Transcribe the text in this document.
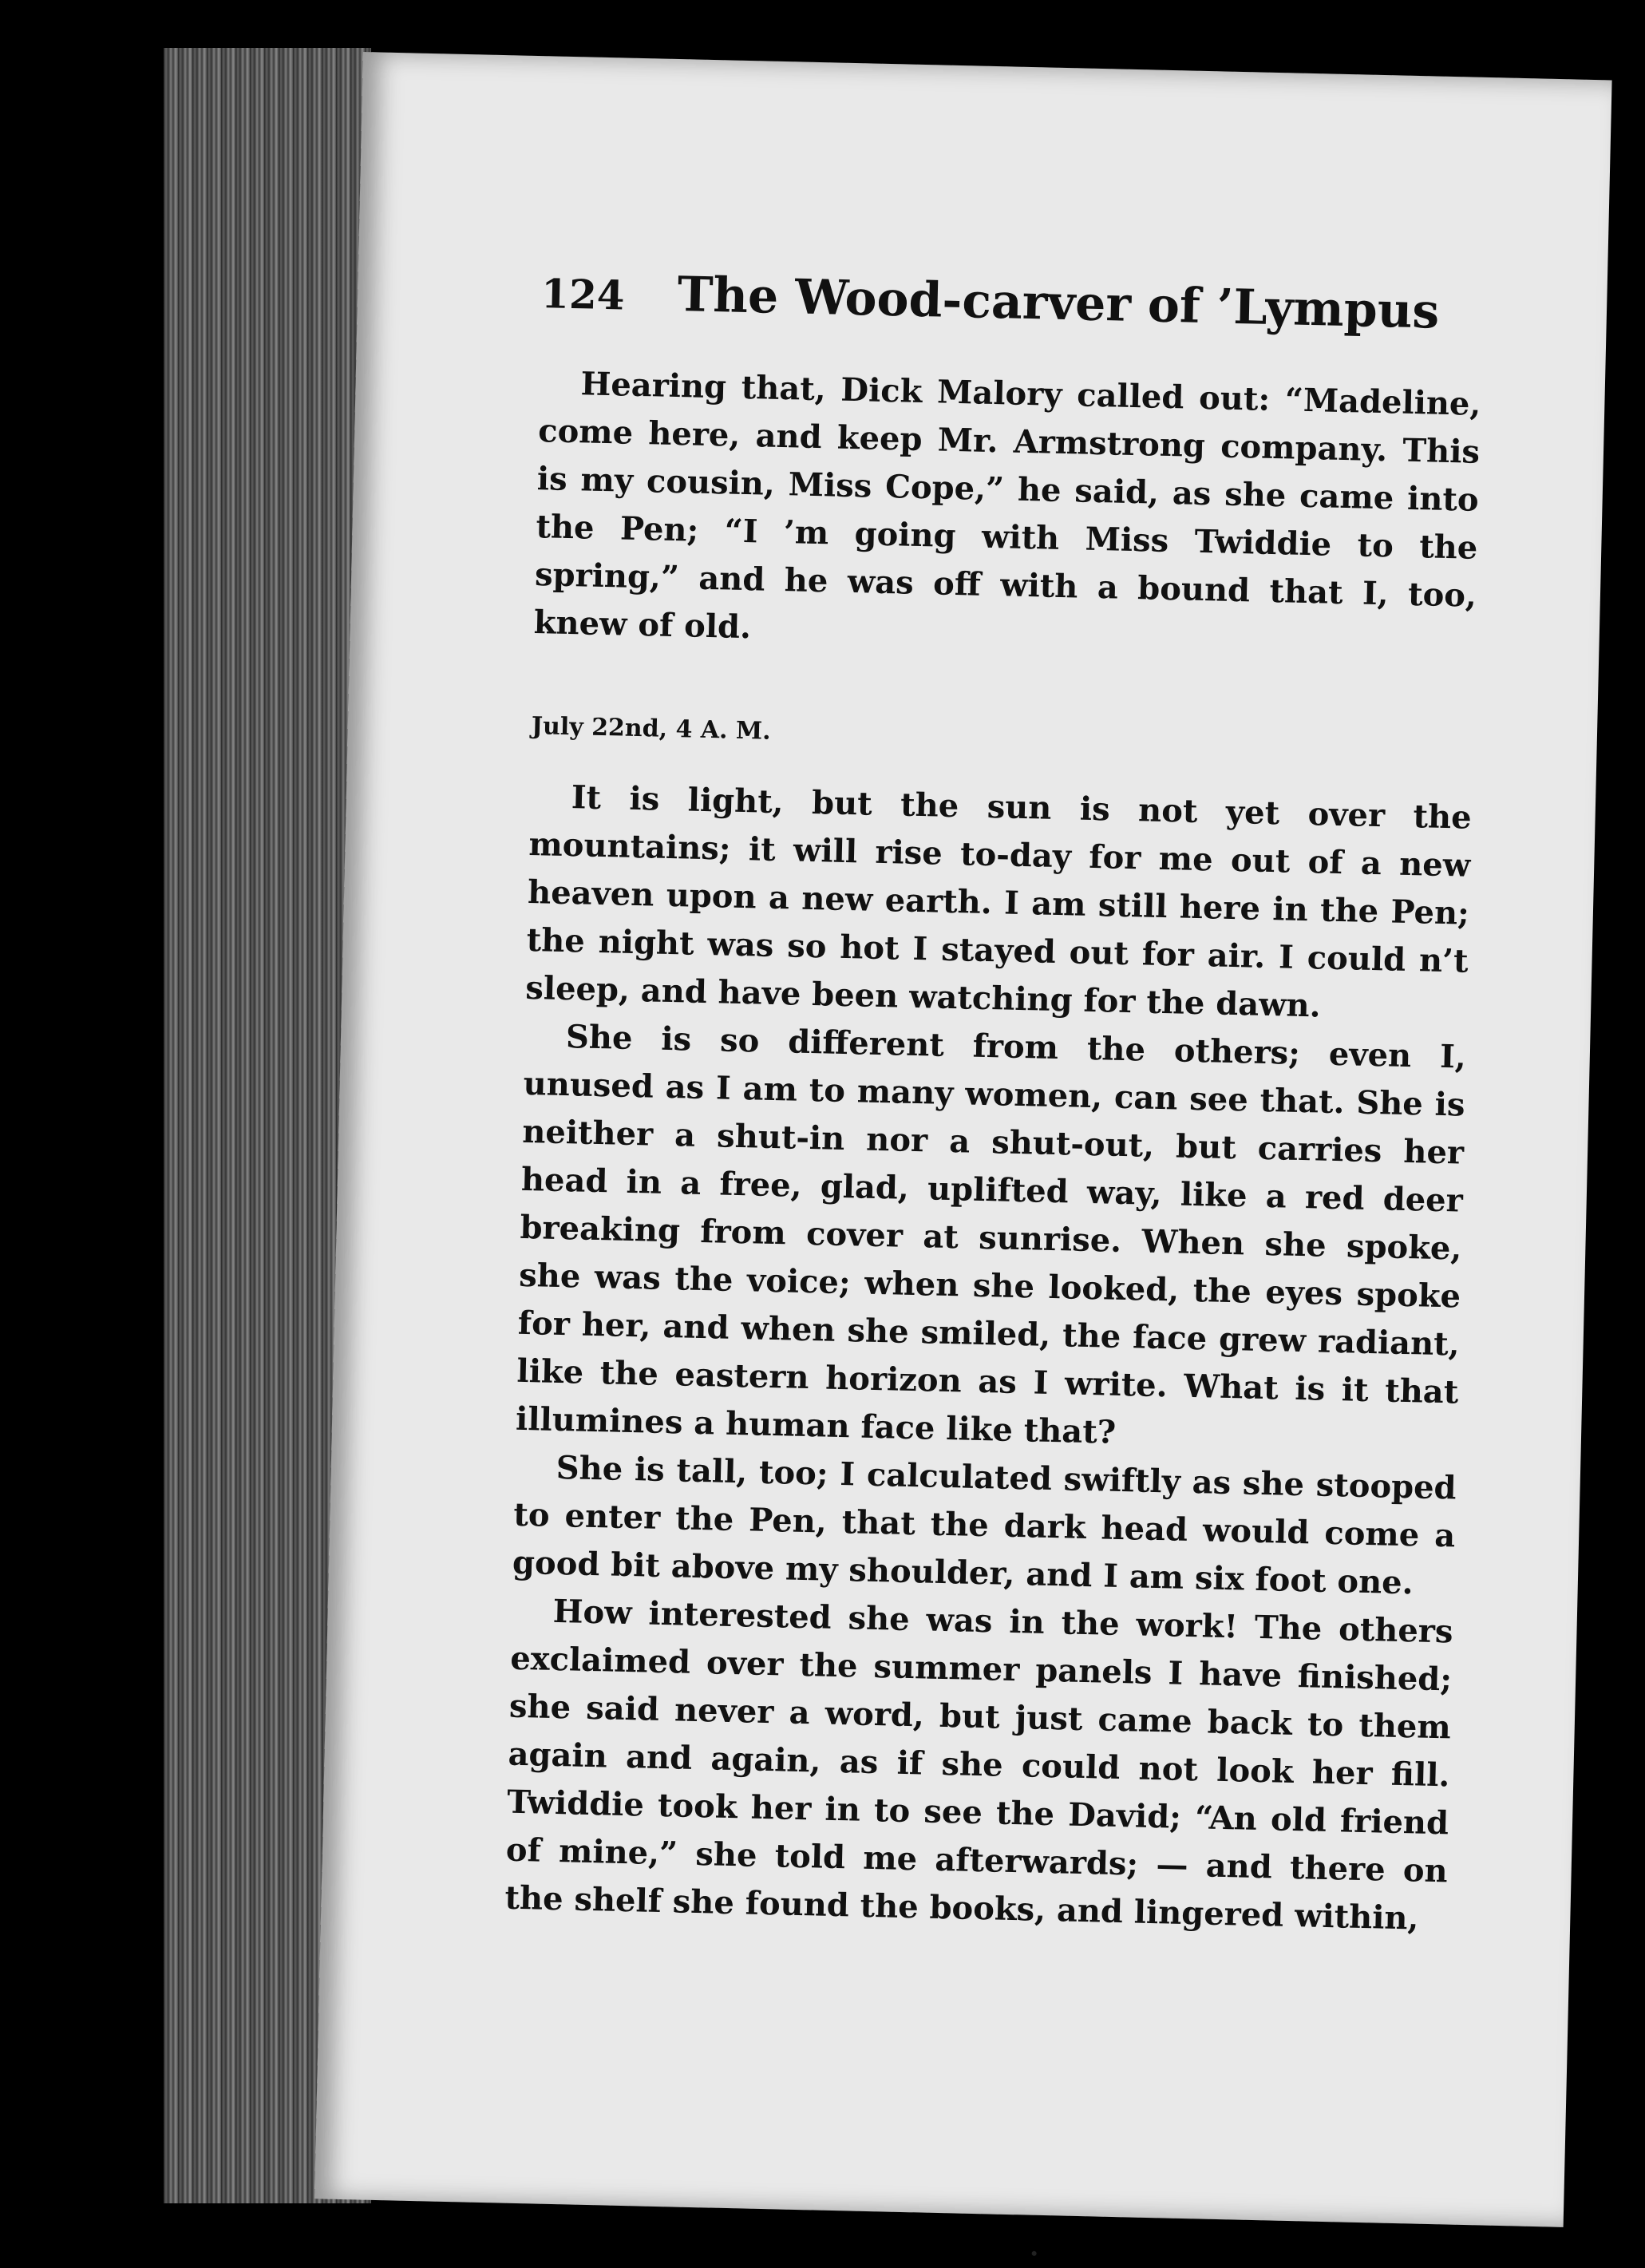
124 The Wood-carver of ’Lympus

Hearing that, Dick Malory called out: “Madeline, come here, and keep Mr. Armstrong company. This is my cousin, Miss Cope,” he said, as she came into the Pen; “I ’m going with Miss Twiddie to the spring,” and he was off with a bound that I, too, knew of old.

July 22nd, 4 A. M.

It is light, but the sun is not yet over the mountains; it will rise to-day for me out of a new heaven upon a new earth. I am still here in the Pen; the night was so hot I stayed out for air. I could n’t sleep, and have been watching for the dawn.

She is so different from the others; even I, unused as I am to many women, can see that. She is neither a shut-in nor a shut-out, but carries her head in a free, glad, uplifted way, like a red deer breaking from cover at sunrise. When she spoke, she was the voice; when she looked, the eyes spoke for her, and when she smiled, the face grew radiant, like the eastern horizon as I write. What is it that illumines a human face like that?

She is tall, too; I calculated swiftly as she stooped to enter the Pen, that the dark head would come a good bit above my shoulder, and I am six foot one.

How interested she was in the work! The others exclaimed over the summer panels I have finished; she said never a word, but just came back to them again and again, as if she could not look her fill. Twiddie took her in to see the David; “An old friend of mine,” she told me afterwards; — and there on the shelf she found the books, and lingered within,
